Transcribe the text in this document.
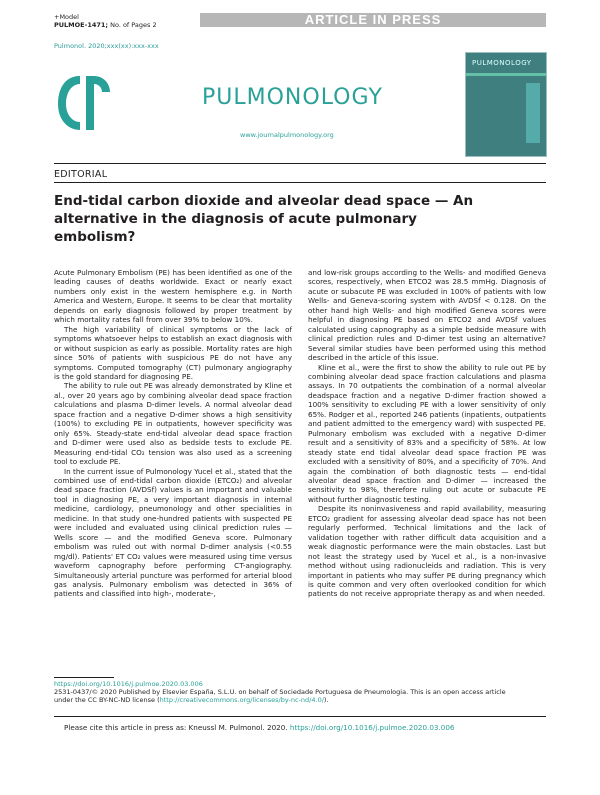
+Model
PULMOE-1471; No. of Pages 2	ARTICLE IN PRESS
Pulmonol. 2020;xxx(xx):xxx-xxx
PULMONOLOGY
www.journalpulmonology.org
PULMONOLOGY
EDITORIAL
End-tidal carbon dioxide and alveolar dead space — An
alternative in the diagnosis of acute pulmonary
embolism?

Acute Pulmonary Embolism (PE) has been identified as one of the leading causes of deaths worldwide. Exact or nearly exact numbers only exist in the western hemisphere e.g. in North America and Western, Europe. It seems to be clear that mortality depends on early diagnosis followed by proper treatment by which mortality rates fall from over 39% to below 10%.

The high variability of clinical symptoms or the lack of symptoms whatsoever helps to establish an exact diagnosis with or without suspicion as early as possible. Mortality rates are high since 50% of patients with suspicious PE do not have any symptoms. Computed tomography (CT) pulmonary angiography is the gold standard for diagnosing PE.

The ability to rule out PE was already demonstrated by Kline et al., over 20 years ago by combining alveolar dead space fraction calculations and plasma D-dimer levels. A normal alveolar dead space fraction and a negative D-dimer shows a high sensitivity (100%) to excluding PE in outpatients, however specificity was only 65%. Steady-state end-tidal alveolar dead space fraction and D-dimer were used also as bedside tests to exclude PE. Measuring end-tidal CO₂ tension was also used as a screening tool to exclude PE.

In the current issue of Pulmonology Yucel et al., stated that the combined use of end-tidal carbon dioxide (ETCO₂) and alveolar dead space fraction (AVDSf) values is an important and valuable tool in diagnosing PE, a very important diagnosis in internal medicine, cardiology, pneumonology and other specialities in medicine. In that study one-hundred patients with suspected PE were included and evaluated using clinical prediction rules — Wells score — and the modified Geneva score. Pulmonary embolism was ruled out with normal D-dimer analysis (<0.55 mg/dl). Patients' ET CO₂ values were measured using time versus waveform capnography before performing CT-angiography. Simultaneously arterial puncture was performed for arterial blood gas analysis. Pulmonary embolism was detected in 36% of patients and classified into high-, moderate-,

and low-risk groups according to the Wells- and modified Geneva scores, respectively, when ETCO2 was 28.5 mmHg. Diagnosis of acute or subacute PE was excluded in 100% of patients with low Wells- and Geneva-scoring system with AVDSf < 0.128. On the other hand high Wells- and high modified Geneva scores were helpful in diagnosing PE based on ETCO2 and AVDSf values calculated using capnography as a simple bedside measure with clinical prediction rules and D-dimer test using an alternative? Several similar studies have been performed using this method described in the article of this issue.

Kline et al., were the first to show the ability to rule out PE by combining alveolar dead space fraction calculations and plasma assays. In 70 outpatients the combination of a normal alveolar deadspace fraction and a negative D-dimer fraction showed a 100% sensitivity to excluding PE with a lower sensitivity of only 65%. Rodger et al., reported 246 patients (inpatients, outpatients and patient admitted to the emergency ward) with suspected PE. Pulmonary embolism was excluded with a negative D-dimer result and a sensitivity of 83% and a specificity of 58%. At low steady state end tidal alveolar dead space fraction PE was excluded with a sensitivity of 80%, and a specificity of 70%. And again the combination of both diagnostic tests — end-tidal alveolar dead space fraction and D-dimer — increased the sensitivity to 98%, therefore ruling out acute or subacute PE without further diagnostic testing.

Despite its noninvasiveness and rapid availability, measuring ETCO₂ gradient for assessing alveolar dead space has not been regularly performed. Technical limitations and the lack of validation together with rather difficult data acquisition and a weak diagnostic performance were the main obstacles. Last but not least the strategy used by Yucel et al., is a non-invasive method without using radionucleids and radiation. This is very important in patients who may suffer PE during pregnancy which is quite common and very often overlooked condition for which patients do not receive appropriate therapy as and when needed.

https://doi.org/10.1016/j.pulmoe.2020.03.006
2531-0437/© 2020 Published by Elsevier España, S.L.U. on behalf of Sociedade Portuguesa de Pneumologia. This is an open access article
under the CC BY-NC-ND license (http://creativecommons.org/licenses/by-nc-nd/4.0/).
Please cite this article in press as: Kneussl M. Pulmonol. 2020. https://doi.org/10.1016/j.pulmoe.2020.03.006
